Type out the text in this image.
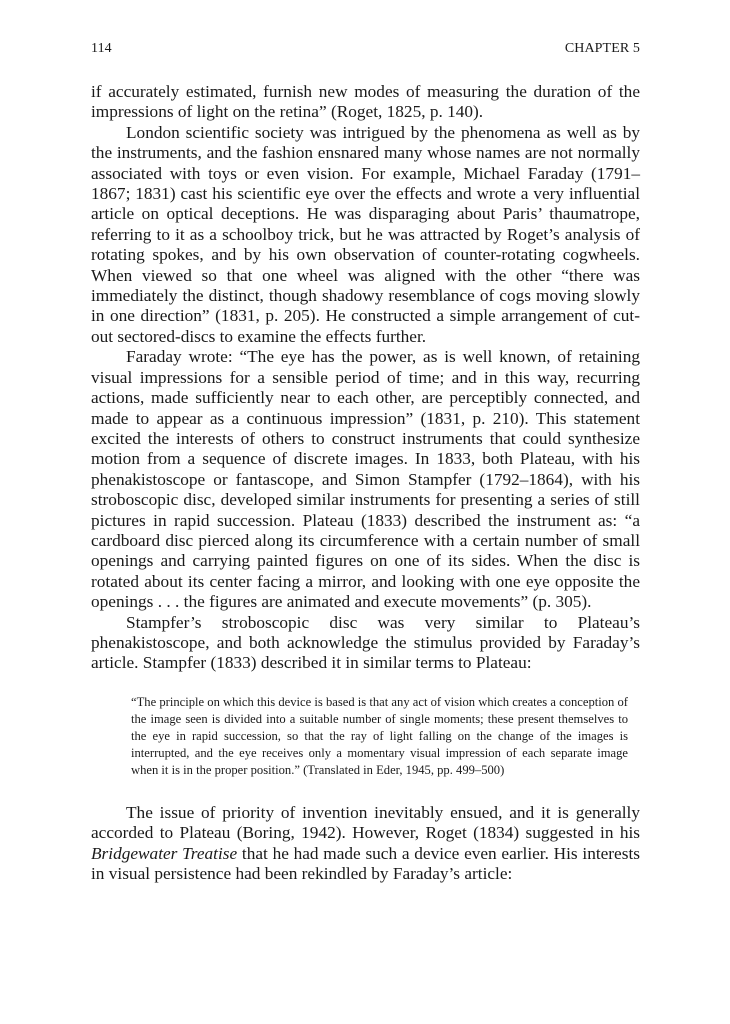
114	CHAPTER 5

if accurately estimated, furnish new modes of measuring the duration of the impressions of light on the retina” (Roget, 1825, p. 140).

London scientific society was intrigued by the phenomena as well as by the instruments, and the fashion ensnared many whose names are not normally associated with toys or even vision. For example, Michael Faraday (1791–1867; 1831) cast his scientific eye over the effects and wrote a very influential article on optical deceptions. He was disparaging about Paris’ thaumatrope, referring to it as a schoolboy trick, but he was attracted by Roget’s analysis of rotating spokes, and by his own observation of counter-rotating cogwheels. When viewed so that one wheel was aligned with the other “there was immediately the distinct, though shadowy resemblance of cogs moving slowly in one direction” (1831, p. 205). He constructed a simple arrangement of cut-out sectored-discs to examine the effects further.

Faraday wrote: “The eye has the power, as is well known, of retaining visual impressions for a sensible period of time; and in this way, recurring actions, made sufficiently near to each other, are perceptibly connected, and made to appear as a continuous impression” (1831, p. 210). This statement excited the interests of others to construct instruments that could synthesize motion from a sequence of discrete images. In 1833, both Plateau, with his phenakistoscope or fantascope, and Simon Stampfer (1792–1864), with his stroboscopic disc, developed similar instruments for presenting a series of still pictures in rapid succession. Plateau (1833) described the instrument as: “a cardboard disc pierced along its circumference with a certain number of small openings and carrying painted figures on one of its sides. When the disc is rotated about its center facing a mirror, and looking with one eye opposite the openings . . . the figures are animated and execute movements” (p. 305).

Stampfer’s stroboscopic disc was very similar to Plateau’s phenakistoscope, and both acknowledge the stimulus provided by Faraday’s article. Stampfer (1833) described it in similar terms to Plateau:

“The principle on which this device is based is that any act of vision which creates a conception of the image seen is divided into a suitable number of single moments; these present themselves to the eye in rapid succession, so that the ray of light falling on the change of the images is interrupted, and the eye receives only a momentary visual impression of each separate image when it is in the proper position.” (Translated in Eder, 1945, pp. 499–500)

The issue of priority of invention inevitably ensued, and it is generally accorded to Plateau (Boring, 1942). However, Roget (1834) suggested in his Bridgewater Treatise that he had made such a device even earlier. His interests in visual persistence had been rekindled by Faraday’s article:
